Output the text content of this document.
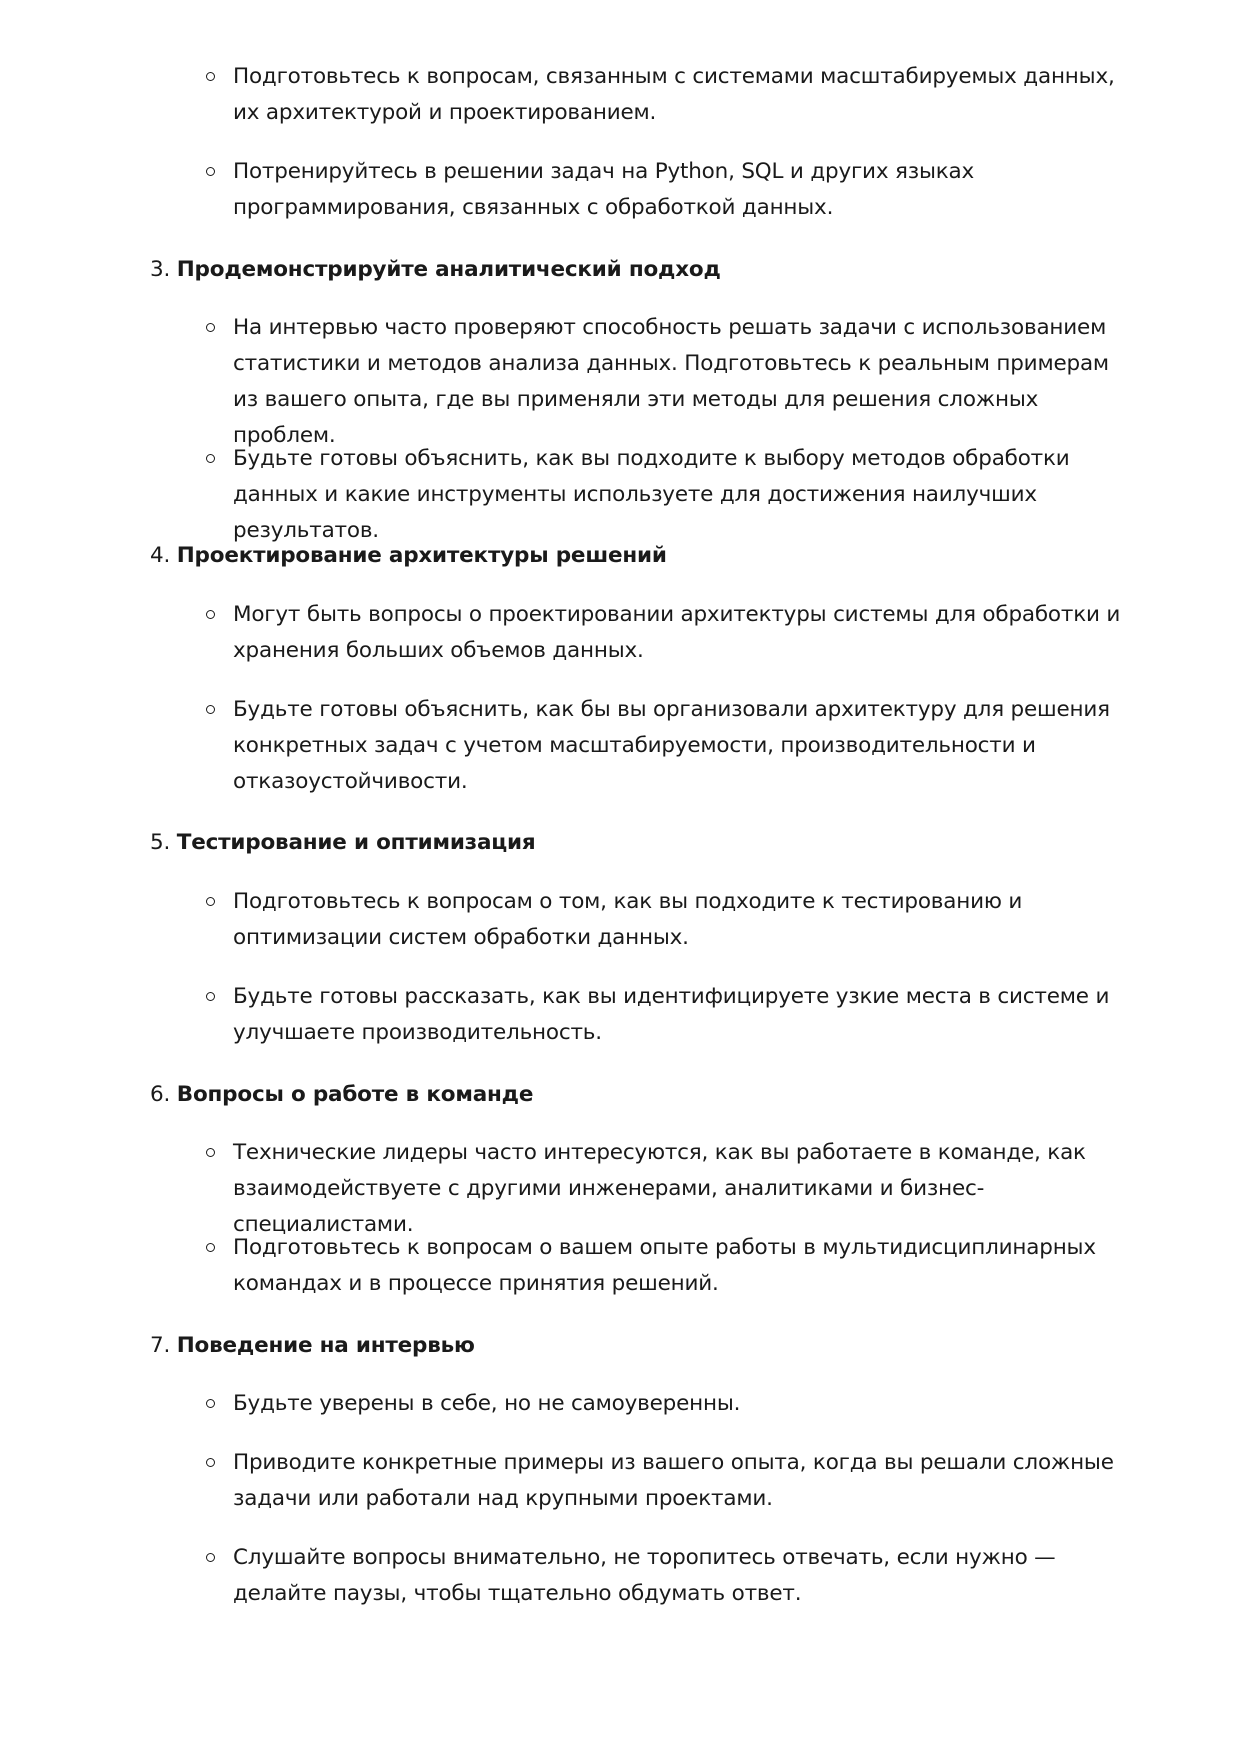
Подготовьтесь к вопросам, связанным с системами масштабируемых данных, их архитектурой и проектированием.
Потренируйтесь в решении задач на Python, SQL и других языках программирования, связанных с обработкой данных.
3. Продемонстрируйте аналитический подход
На интервью часто проверяют способность решать задачи с использованием статистики и методов анализа данных. Подготовьтесь к реальным примерам из вашего опыта, где вы применяли эти методы для решения сложных проблем.
Будьте готовы объяснить, как вы подходите к выбору методов обработки данных и какие инструменты используете для достижения наилучших результатов.
4. Проектирование архитектуры решений
Могут быть вопросы о проектировании архитектуры системы для обработки и хранения больших объемов данных.
Будьте готовы объяснить, как бы вы организовали архитектуру для решения конкретных задач с учетом масштабируемости, производительности и отказоустойчивости.
5. Тестирование и оптимизация
Подготовьтесь к вопросам о том, как вы подходите к тестированию и оптимизации систем обработки данных.
Будьте готовы рассказать, как вы идентифицируете узкие места в системе и улучшаете производительность.
6. Вопросы о работе в команде
Технические лидеры часто интересуются, как вы работаете в команде, как взаимодействуете с другими инженерами, аналитиками и бизнес-специалистами.
Подготовьтесь к вопросам о вашем опыте работы в мультидисциплинарных командах и в процессе принятия решений.
7. Поведение на интервью
Будьте уверены в себе, но не самоуверенны.
Приводите конкретные примеры из вашего опыта, когда вы решали сложные задачи или работали над крупными проектами.
Слушайте вопросы внимательно, не торопитесь отвечать, если нужно — делайте паузы, чтобы тщательно обдумать ответ.
